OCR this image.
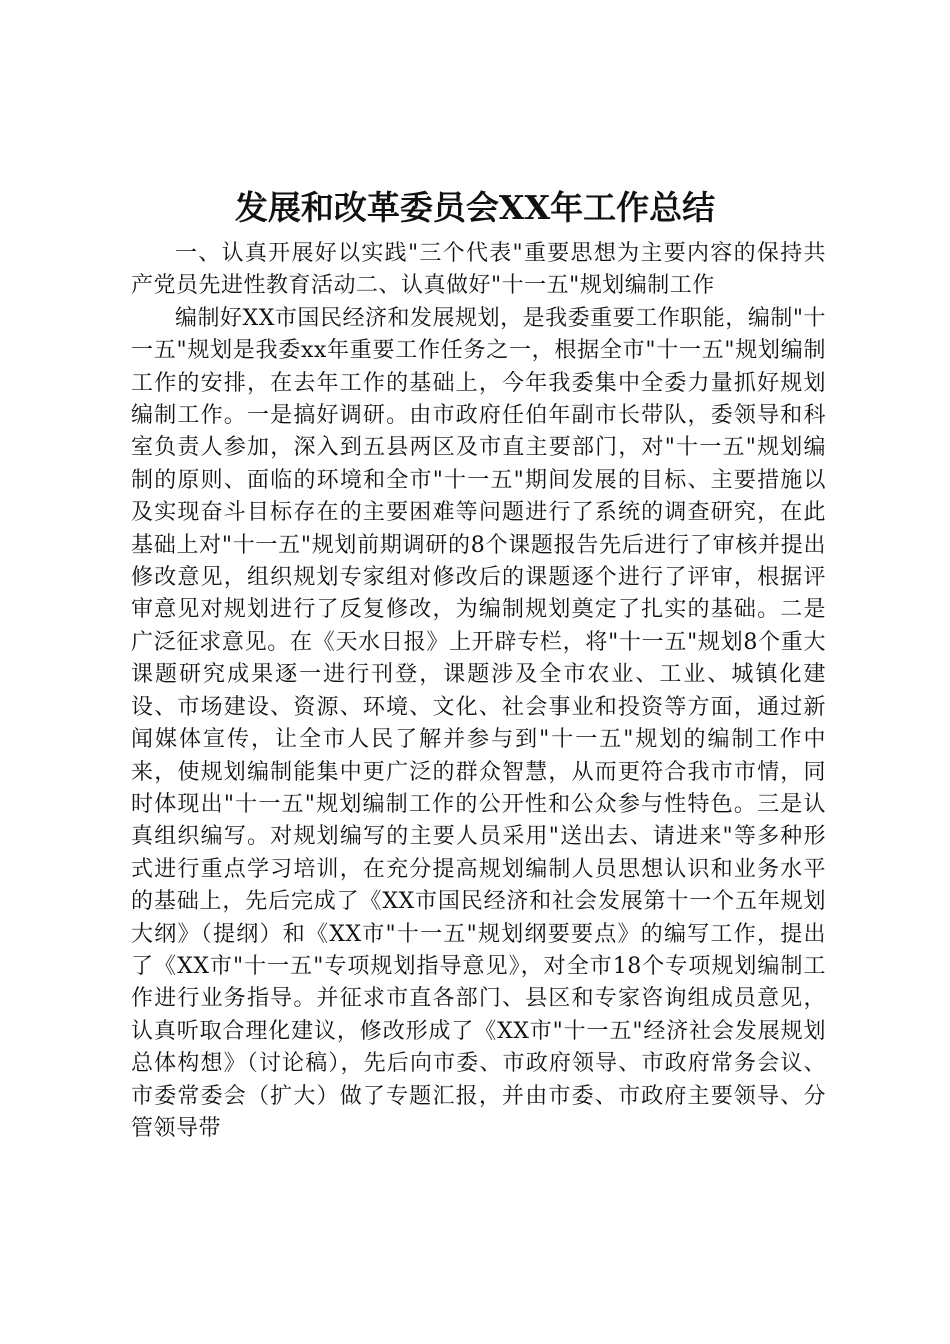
发展和改革委员会XX年工作总结

一、认真开展好以实践"三个代表"重要思想为主要内容的保持共产党员先进性教育活动二、认真做好"十一五"规划编制工作

编制好XX市国民经济和发展规划，是我委重要工作职能，编制"十一五"规划是我委xx年重要工作任务之一，根据全市"十一五"规划编制工作的安排，在去年工作的基础上，今年我委集中全委力量抓好规划编制工作。一是搞好调研。由市政府任伯年副市长带队，委领导和科室负责人参加，深入到五县两区及市直主要部门，对"十一五"规划编制的原则、面临的环境和全市"十一五"期间发展的目标、主要措施以及实现奋斗目标存在的主要困难等问题进行了系统的调查研究，在此基础上对"十一五"规划前期调研的8个课题报告先后进行了审核并提出修改意见，组织规划专家组对修改后的课题逐个进行了评审，根据评审意见对规划进行了反复修改，为编制规划奠定了扎实的基础。二是广泛征求意见。在《天水日报》上开辟专栏，将"十一五"规划8个重大课题研究成果逐一进行刊登，课题涉及全市农业、工业、城镇化建设、市场建设、资源、环境、文化、社会事业和投资等方面，通过新闻媒体宣传，让全市人民了解并参与到"十一五"规划的编制工作中来，使规划编制能集中更广泛的群众智慧，从而更符合我市市情，同时体现出"十一五"规划编制工作的公开性和公众参与性特色。三是认真组织编写。对规划编写的主要人员采用"送出去、请进来"等多种形式进行重点学习培训，在充分提高规划编制人员思想认识和业务水平的基础上，先后完成了《XX市国民经济和社会发展第十一个五年规划大纲》（提纲）和《XX市"十一五"规划纲要要点》的编写工作，提出了《XX市"十一五"专项规划指导意见》，对全市18个专项规划编制工作进行业务指导。并征求市直各部门、县区和专家咨询组成员意见，认真听取合理化建议，修改形成了《XX市"十一五"经济社会发展规划总体构想》（讨论稿），先后向市委、市政府领导、市政府常务会议、市委常委会（扩大）做了专题汇报，并由市委、市政府主要领导、分管领导带
